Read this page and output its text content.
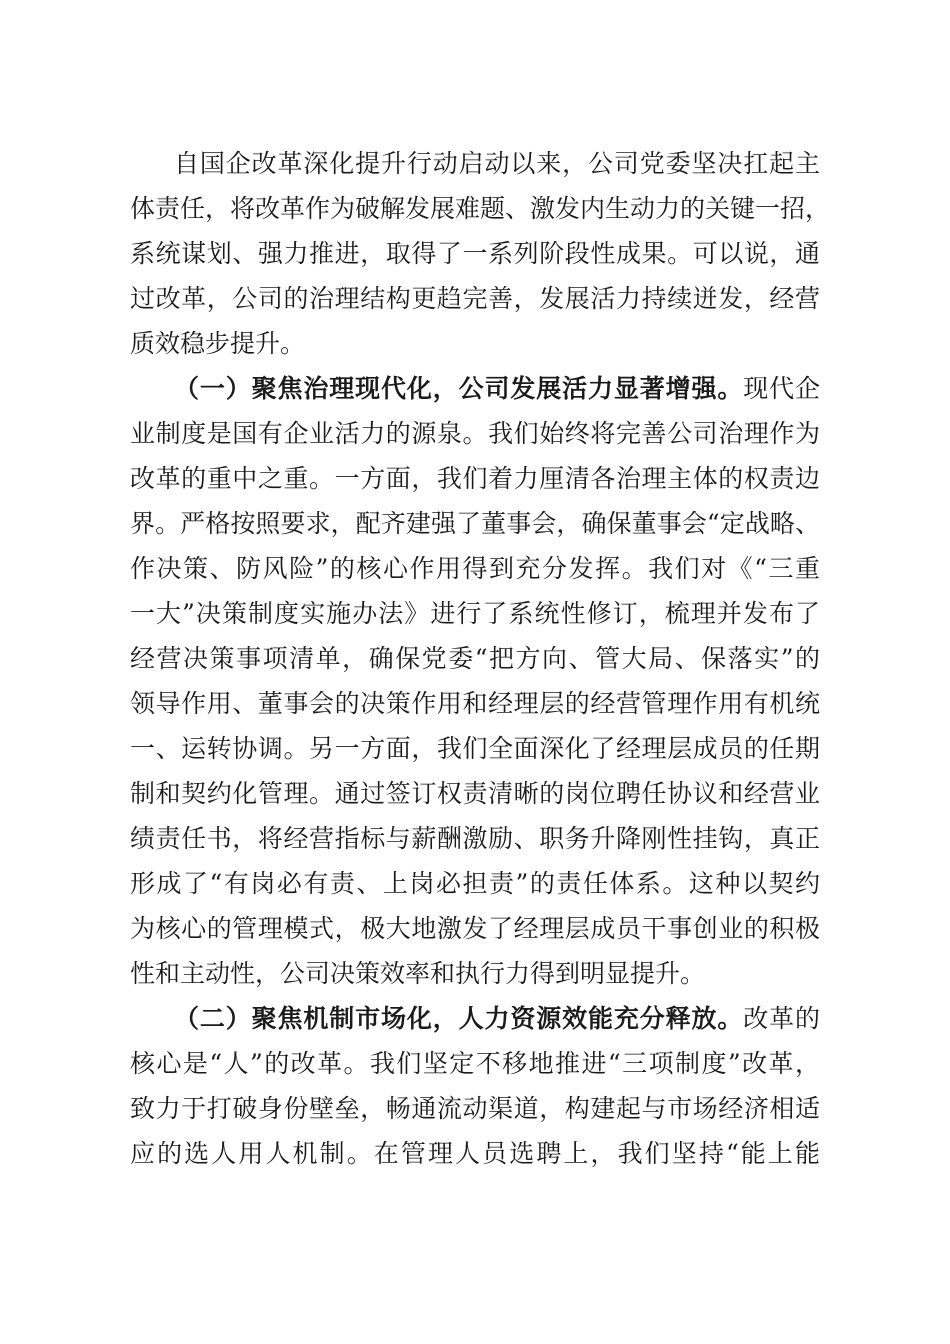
自国企改革深化提升行动启动以来，公司党委坚决扛起主
体责任，将改革作为破解发展难题、激发内生动力的关键一招，
系统谋划、强力推进，取得了一系列阶段性成果。可以说，通
过改革，公司的治理结构更趋完善，发展活力持续迸发，经营
质效稳步提升。
（一）聚焦治理现代化，公司发展活力显著增强。现代企
业制度是国有企业活力的源泉。我们始终将完善公司治理作为
改革的重中之重。一方面，我们着力厘清各治理主体的权责边
界。严格按照要求，配齐建强了董事会，确保董事会“定战略、
作决策、防风险”的核心作用得到充分发挥。我们对《“三重
一大”决策制度实施办法》进行了系统性修订，梳理并发布了
经营决策事项清单，确保党委“把方向、管大局、保落实”的
领导作用、董事会的决策作用和经理层的经营管理作用有机统
一、运转协调。另一方面，我们全面深化了经理层成员的任期
制和契约化管理。通过签订权责清晰的岗位聘任协议和经营业
绩责任书，将经营指标与薪酬激励、职务升降刚性挂钩，真正
形成了“有岗必有责、上岗必担责”的责任体系。这种以契约
为核心的管理模式，极大地激发了经理层成员干事创业的积极
性和主动性，公司决策效率和执行力得到明显提升。
（二）聚焦机制市场化，人力资源效能充分释放。改革的
核心是“人”的改革。我们坚定不移地推进“三项制度”改革，
致力于打破身份壁垒，畅通流动渠道，构建起与市场经济相适
应的选人用人机制。在管理人员选聘上，我们坚持“能上能
